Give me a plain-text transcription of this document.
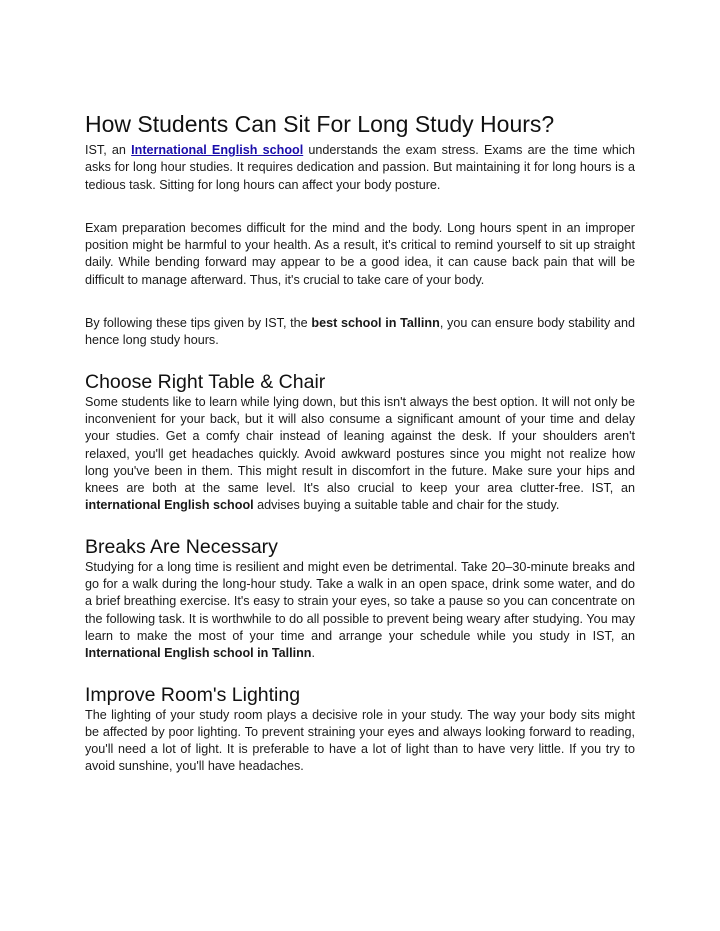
How Students Can Sit For Long Study Hours?

IST, an International English school understands the exam stress. Exams are the time which asks for long hour studies. It requires dedication and passion. But maintaining it for long hours is a tedious task. Sitting for long hours can affect your body posture.

Exam preparation becomes difficult for the mind and the body. Long hours spent in an improper position might be harmful to your health. As a result, it's critical to remind yourself to sit up straight daily. While bending forward may appear to be a good idea, it can cause back pain that will be difficult to manage afterward. Thus, it's crucial to take care of your body.

By following these tips given by IST, the best school in Tallinn, you can ensure body stability and hence long study hours.

Choose Right Table & Chair

Some students like to learn while lying down, but this isn't always the best option. It will not only be inconvenient for your back, but it will also consume a significant amount of your time and delay your studies. Get a comfy chair instead of leaning against the desk. If your shoulders aren't relaxed, you'll get headaches quickly. Avoid awkward postures since you might not realize how long you've been in them. This might result in discomfort in the future. Make sure your hips and knees are both at the same level. It's also crucial to keep your area clutter-free. IST, an international English school advises buying a suitable table and chair for the study.

Breaks Are Necessary

Studying for a long time is resilient and might even be detrimental. Take 20–30-minute breaks and go for a walk during the long-hour study. Take a walk in an open space, drink some water, and do a brief breathing exercise. It's easy to strain your eyes, so take a pause so you can concentrate on the following task. It is worthwhile to do all possible to prevent being weary after studying. You may learn to make the most of your time and arrange your schedule while you study in IST, an International English school in Tallinn.

Improve Room's Lighting

The lighting of your study room plays a decisive role in your study. The way your body sits might be affected by poor lighting. To prevent straining your eyes and always looking forward to reading, you'll need a lot of light. It is preferable to have a lot of light than to have very little. If you try to avoid sunshine, you'll have headaches.
